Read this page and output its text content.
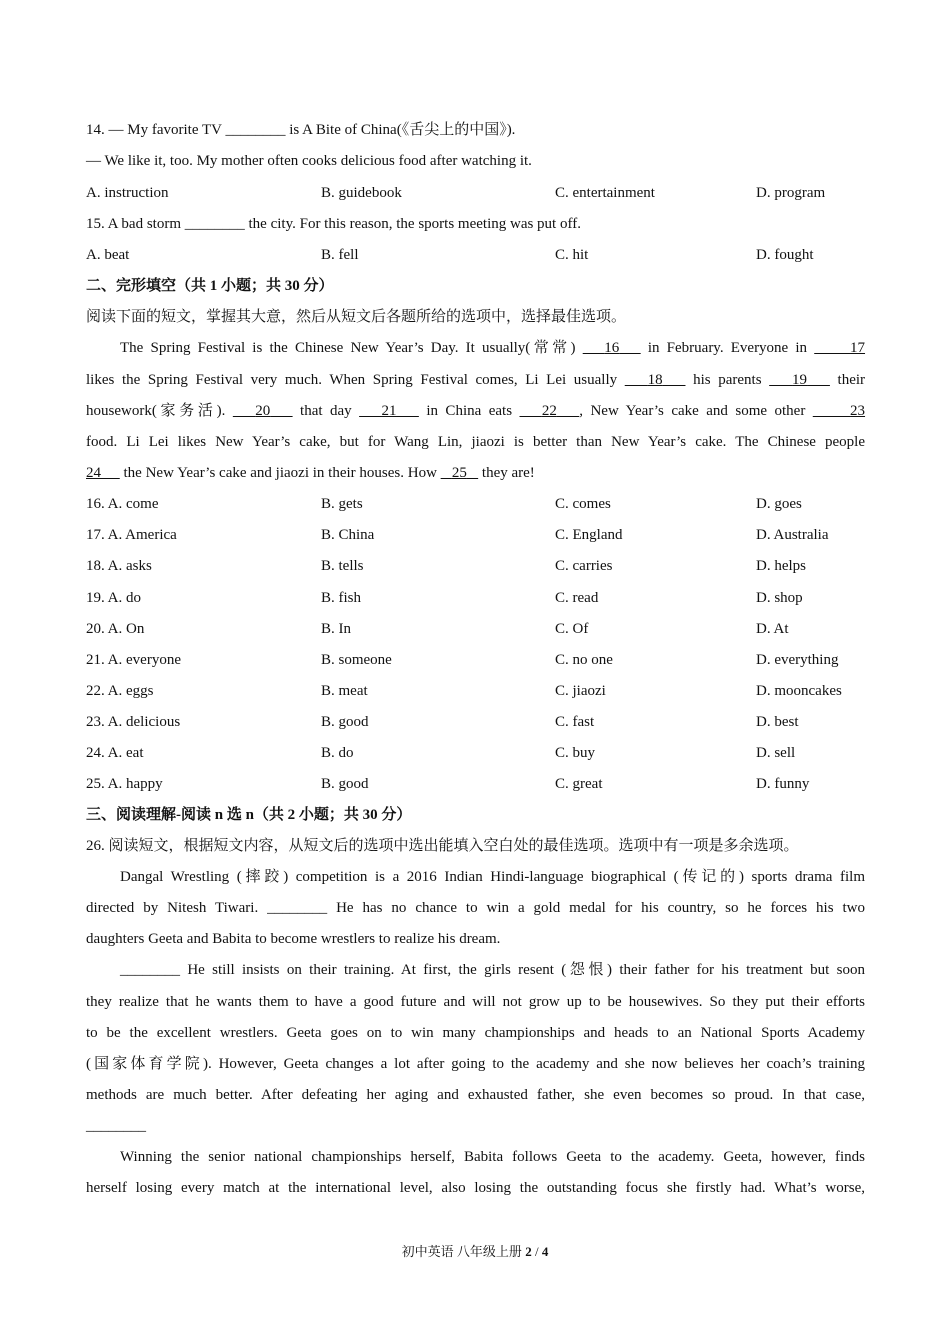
14. — My favorite TV ________ is A Bite of China(《舌尖上的中国》).
— We like it, too. My mother often cooks delicious food after watching it.
A. instruction	B. guidebook	C. entertainment	D. program
15. A bad storm ________ the city. For this reason, the sports meeting was put off.
A. beat	B. fell	C. hit	D. fought
二、完形填空（共 1 小题；共 30 分）
阅读下面的短文，掌握其大意，然后从短文后各题所给的选项中，选择最佳选项。
The Spring Festival is the Chinese New Year’s Day. It usually(常常)    16    in February. Everyone in      17
likes the Spring Festival very much. When Spring Festival comes, Li Lei usually    18    his parents    19    their
housework(家务活).    20    that day    21    in China eats    22 , New Year’s cake and some other      23
food. Li Lei likes New Year’s cake, but for Wang Lin, jiaozi is better than New Year’s cake. The Chinese people
24      the New Year’s cake and jiaozi in their houses. How    25    they are!
16. A. come	B. gets	C. comes	D. goes
17. A. America	B. China	C. England	D. Australia
18. A. asks	B. tells	C. carries	D. helps
19. A. do	B. fish	C. read	D. shop
20. A. On	B. In	C. Of	D. At
21. A. everyone	B. someone	C. no one	D. everything
22. A. eggs	B. meat	C. jiaozi	D. mooncakes
23. A. delicious	B. good	C. fast	D. best
24. A. eat	B. do	C. buy	D. sell
25. A. happy	B. good	C. great	D. funny
三、阅读理解-阅读 n 选 n（共 2 小题；共 30 分）
26. 阅读短文，根据短文内容，从短文后的选项中选出能填入空白处的最佳选项。选项中有一项是多余选项。
Dangal Wrestling (摔跤) competition is a 2016 Indian Hindi-language biographical (传记的) sports drama film
directed by Nitesh Tiwari. ________ He has no chance to win a gold medal for his country, so he forces his two
daughters Geeta and Babita to become wrestlers to realize his dream.
________ He still insists on their training. At first, the girls resent (怨恨) their father for his treatment but soon
they realize that he wants them to have a good future and will not grow up to be housewives. So they put their efforts
to be the excellent wrestlers. Geeta goes on to win many championships and heads to an National Sports Academy
(国家体育学院). However, Geeta changes a lot after going to the academy and she now believes her coach’s training
methods are much better. After defeating her aging and exhausted father, she even becomes so proud. In that case,
________
Winning the senior national championships herself, Babita follows Geeta to the academy. Geeta, however, finds
herself losing every match at the international level, also losing the outstanding focus she firstly had. What’s worse,
初中英语 八年级上册 2 / 4
